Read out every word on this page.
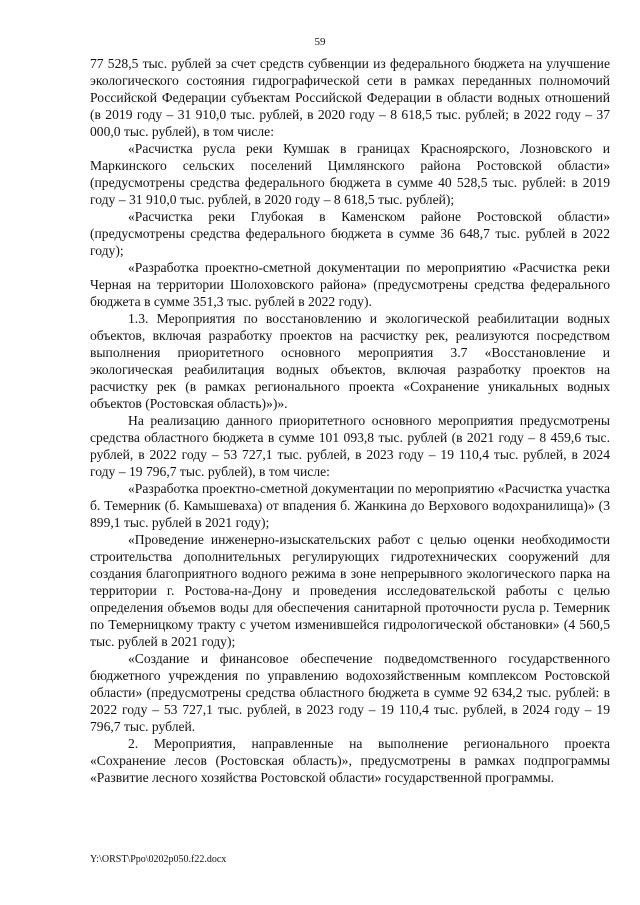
59

77 528,5 тыс. рублей за счет средств субвенции из федерального бюджета на улучшение экологического состояния гидрографической сети в рамках переданных полномочий Российской Федерации субъектам Российской Федерации в области водных отношений (в 2019 году – 31 910,0 тыс. рублей, в 2020 году – 8 618,5 тыс. рублей; в 2022 году – 37 000,0 тыс. рублей), в том числе:

«Расчистка русла реки Кумшак в границах Красноярского, Лозновского и Маркинского сельских поселений Цимлянского района Ростовской области» (предусмотрены средства федерального бюджета в сумме 40 528,5 тыс. рублей: в 2019 году – 31 910,0 тыс. рублей, в 2020 году – 8 618,5 тыс. рублей);

«Расчистка реки Глубокая в Каменском районе Ростовской области» (предусмотрены средства федерального бюджета в сумме 36 648,7 тыс. рублей в 2022 году);

«Разработка проектно-сметной документации по мероприятию «Расчистка реки Черная на территории Шолоховского района» (предусмотрены средства федерального бюджета в сумме 351,3 тыс. рублей в 2022 году).

1.3. Мероприятия по восстановлению и экологической реабилитации водных объектов, включая разработку проектов на расчистку рек, реализуются посредством выполнения приоритетного основного мероприятия 3.7 «Восстановление и экологическая реабилитация водных объектов, включая разработку проектов на расчистку рек (в рамках регионального проекта «Сохранение уникальных водных объектов (Ростовская область)»)».

На реализацию данного приоритетного основного мероприятия предусмотрены средства областного бюджета в сумме 101 093,8 тыс. рублей (в 2021 году – 8 459,6 тыс. рублей, в 2022 году – 53 727,1 тыс. рублей, в 2023 году – 19 110,4 тыс. рублей, в 2024 году – 19 796,7 тыс. рублей), в том числе:

«Разработка проектно-сметной документации по мероприятию «Расчистка участка б. Темерник (б. Камышеваха) от впадения б. Жанкина до Верхового водохранилища)» (3 899,1 тыс. рублей в 2021 году);

«Проведение инженерно-изыскательских работ с целью оценки необходимости строительства дополнительных регулирующих гидротехнических сооружений для создания благоприятного водного режима в зоне непрерывного экологического парка на территории г. Ростова-на-Дону и проведения исследовательской работы с целью определения объемов воды для обеспечения санитарной проточности русла р. Темерник по Темерницкому тракту с учетом изменившейся гидрологической обстановки» (4 560,5 тыс. рублей в 2021 году);

«Создание и финансовое обеспечение подведомственного государственного бюджетного учреждения по управлению водохозяйственным комплексом Ростовской области» (предусмотрены средства областного бюджета в сумме 92 634,2 тыс. рублей: в 2022 году – 53 727,1 тыс. рублей, в 2023 году – 19 110,4 тыс. рублей, в 2024 году – 19 796,7 тыс. рублей.

2. Мероприятия, направленные на выполнение регионального проекта «Сохранение лесов (Ростовская область)», предусмотрены в рамках подпрограммы «Развитие лесного хозяйства Ростовской области» государственной программы.

Y:\ORST\Ppo\0202p050.f22.docx
